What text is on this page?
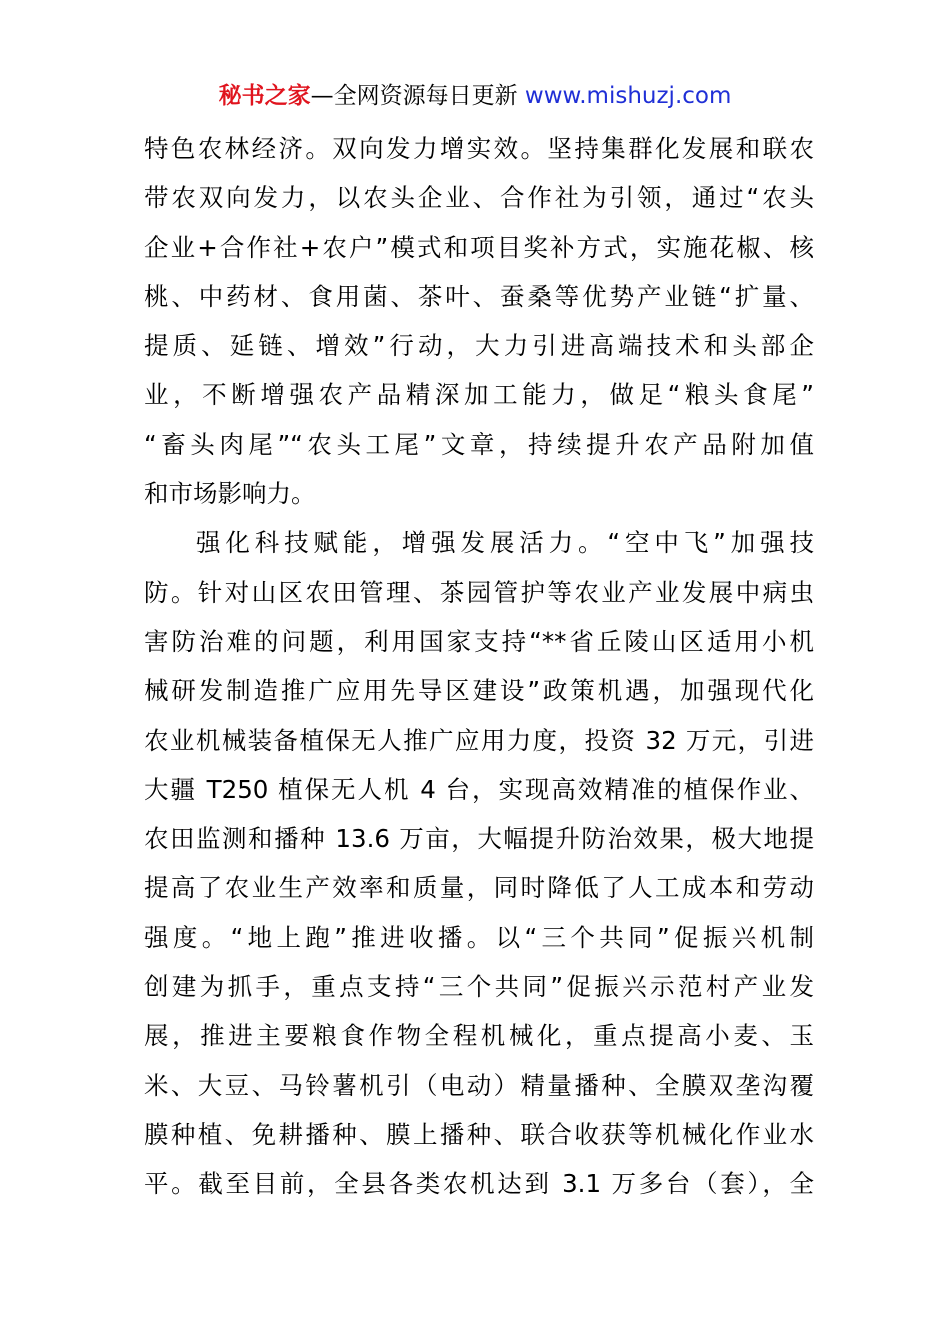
秘书之家—全网资源每日更新 www.mishuzj.com
特色农林经济。双向发力增实效。坚持集群化发展和联农
带农双向发力，以农头企业、合作社为引领，通过“农头
企业+合作社+农户”模式和项目奖补方式，实施花椒、核
桃、中药材、食用菌、茶叶、蚕桑等优势产业链“扩量、
提质、延链、增效”行动，大力引进高端技术和头部企
业，不断增强农产品精深加工能力，做足“粮头食尾”
“畜头肉尾”“农头工尾”文章，持续提升农产品附加值
和市场影响力。
强化科技赋能，增强发展活力。“空中飞”加强技
防。针对山区农田管理、茶园管护等农业产业发展中病虫
害防治难的问题，利用国家支持“**省丘陵山区适用小机
械研发制造推广应用先导区建设”政策机遇，加强现代化
农业机械装备植保无人推广应用力度，投资 32 万元，引进
大疆 T250 植保无人机 4 台，实现高效精准的植保作业、
农田监测和播种 13.6 万亩，大幅提升防治效果，极大地提
提高了农业生产效率和质量，同时降低了人工成本和劳动
强度。“地上跑”推进收播。以“三个共同”促振兴机制
创建为抓手，重点支持“三个共同”促振兴示范村产业发
展，推进主要粮食作物全程机械化，重点提高小麦、玉
米、大豆、马铃薯机引（电动）精量播种、全膜双垄沟覆
膜种植、免耕播种、膜上播种、联合收获等机械化作业水
平。截至目前，全县各类农机达到 3.1 万多台（套），全
